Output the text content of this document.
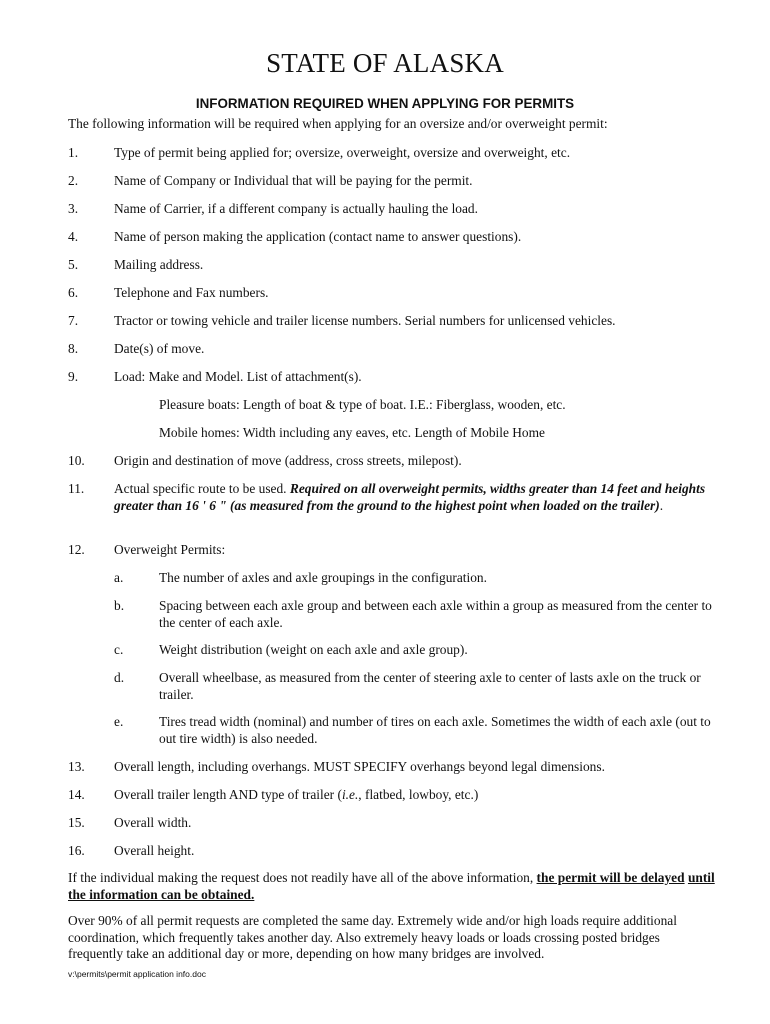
STATE OF ALASKA
INFORMATION REQUIRED WHEN APPLYING FOR PERMITS
The following information will be required when applying for an oversize and/or overweight permit:
1.	Type of permit being applied for; oversize, overweight, oversize and overweight, etc.
2.	Name of Company or Individual that will be paying for the permit.
3.	Name of Carrier, if a different company is actually hauling the load.
4.	Name of person making the application (contact name to answer questions).
5.	Mailing address.
6.	Telephone and Fax numbers.
7.	Tractor or towing vehicle and trailer license numbers. Serial numbers for unlicensed vehicles.
8.	Date(s) of move.
9.	Load: Make and Model. List of attachment(s).
Pleasure boats: Length of boat & type of boat. I.E.: Fiberglass, wooden, etc.
Mobile homes: Width including any eaves, etc. Length of Mobile Home
10. Origin and destination of move (address, cross streets, milepost).
11. Actual specific route to be used. Required on all overweight permits, widths greater than 14 feet and heights greater than 16 ' 6 " (as measured from the ground to the highest point when loaded on the trailer).
12. Overweight Permits:
a.	The number of axles and axle groupings in the configuration.
b.	Spacing between each axle group and between each axle within a group as measured from the center to the center of each axle.
c.	Weight distribution (weight on each axle and axle group).
d.	Overall wheelbase, as measured from the center of steering axle to center of lasts axle on the truck or trailer.
e.	Tires tread width (nominal) and number of tires on each axle. Sometimes the width of each axle (out to out tire width) is also needed.
13. Overall length, including overhangs. MUST SPECIFY overhangs beyond legal dimensions.
14. Overall trailer length AND type of trailer (i.e., flatbed, lowboy, etc.)
15. Overall width.
16. Overall height.
If the individual making the request does not readily have all of the above information, the permit will be delayed until the information can be obtained.
Over 90% of all permit requests are completed the same day. Extremely wide and/or high loads require additional coordination, which frequently takes another day. Also extremely heavy loads or loads crossing posted bridges frequently take an additional day or more, depending on how many bridges are involved.
v:\permits\permit application info.doc
